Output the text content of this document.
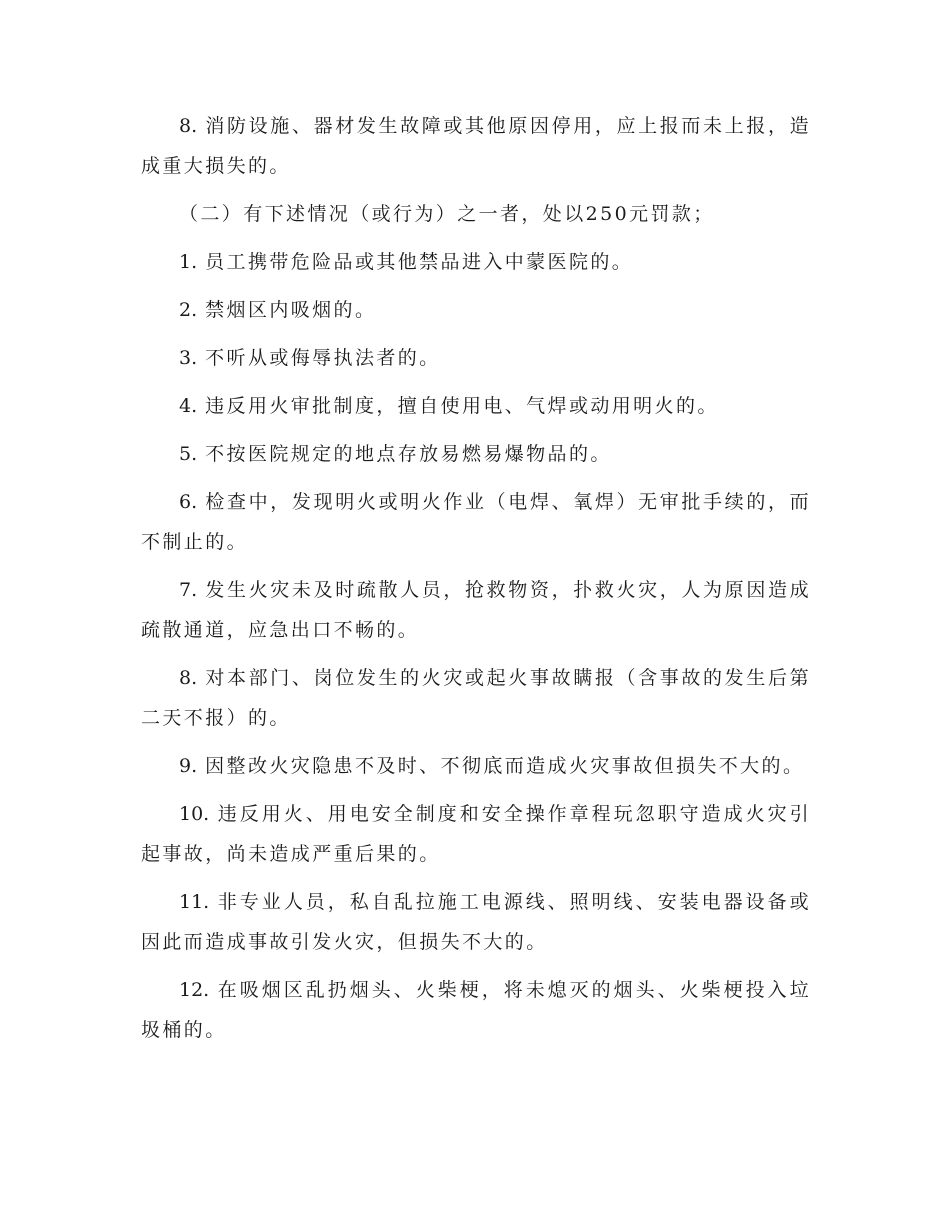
8. 消防设施、器材发生故障或其他原因停用，应上报而未上报，造成重大损失的。

（二）有下述情况（或行为）之一者，处以250元罚款；

1. 员工携带危险品或其他禁品进入中蒙医院的。

2. 禁烟区内吸烟的。

3. 不听从或侮辱执法者的。

4. 违反用火审批制度，擅自使用电、气焊或动用明火的。

5. 不按医院规定的地点存放易燃易爆物品的。

6. 检查中，发现明火或明火作业（电焊、氧焊）无审批手续的，而不制止的。

7. 发生火灾未及时疏散人员，抢救物资，扑救火灾，人为原因造成疏散通道，应急出口不畅的。

8. 对本部门、岗位发生的火灾或起火事故瞒报（含事故的发生后第二天不报）的。

9. 因整改火灾隐患不及时、不彻底而造成火灾事故但损失不大的。

10. 违反用火、用电安全制度和安全操作章程玩忽职守造成火灾引起事故，尚未造成严重后果的。

11. 非专业人员，私自乱拉施工电源线、照明线、安装电器设备或因此而造成事故引发火灾，但损失不大的。

12. 在吸烟区乱扔烟头、火柴梗，将未熄灭的烟头、火柴梗投入垃圾桶的。
